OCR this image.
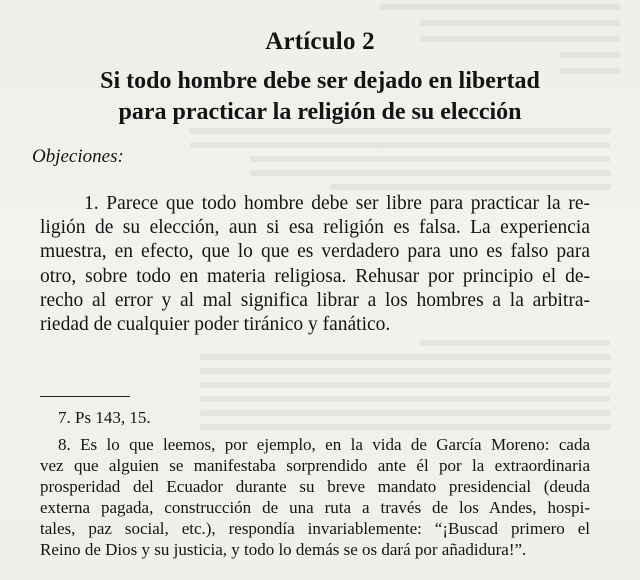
Artículo 2
Si todo hombre debe ser dejado en libertad
para practicar la religión de su elección

Objeciones:

1. Parece que todo hombre debe ser libre para practicar la re-
ligión de su elección, aun si esa religión es falsa. La experiencia
muestra, en efecto, que lo que es verdadero para uno es falso para
otro, sobre todo en materia religiosa. Rehusar por principio el de-
recho al error y al mal significa librar a los hombres a la arbitra-
riedad de cualquier poder tiránico y fanático.

7. Ps 143, 15.

8. Es lo que leemos, por ejemplo, en la vida de García Moreno: cada
vez que alguien se manifestaba sorprendido ante él por la extraordinaria
prosperidad del Ecuador durante su breve mandato presidencial (deuda
externa pagada, construcción de una ruta a través de los Andes, hospi-
tales, paz social, etc.), respondía invariablemente: “¡Buscad primero el
Reino de Dios y su justicia, y todo lo demás se os dará por añadidura!”.
